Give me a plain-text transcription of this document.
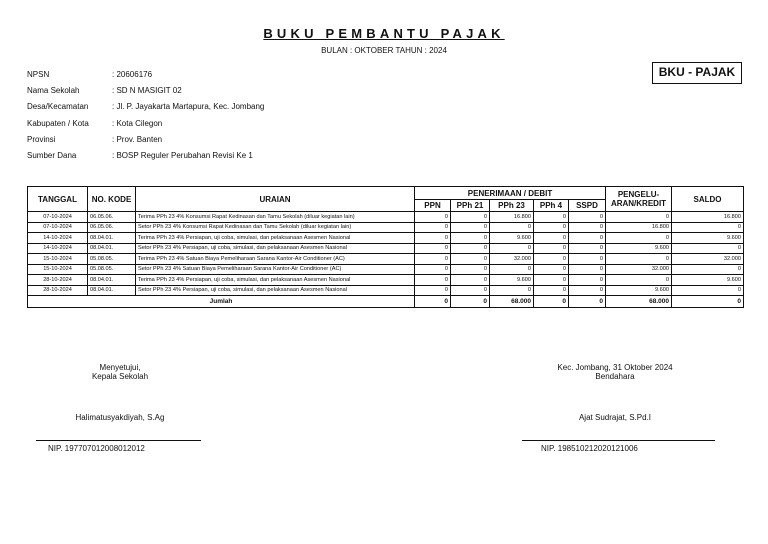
BUKU PEMBANTU PAJAK
BULAN : OKTOBER TAHUN : 2024
BKU - PAJAK
NPSN	: 20606176
Nama Sekolah	: SD N MASIGIT 02
Desa/Kecamatan	: Jl. P. Jayakarta Martapura, Kec. Jombang
Kabupaten / Kota	: Kota Cilegon
Provinsi	: Prov. Banten
Sumber Dana	: BOSP Reguler Perubahan Revisi Ke 1
TANGGAL	NO. KODE	URAIAN	PENERIMAAN / DEBIT					PENGELU-ARAN/KREDIT	SALDO
			PPN	PPh 21	PPh 23	PPh 4	SSPD		
07-10-2024	06.05.06.	Terima PPh 23 4% Konsumsi Rapat Kedinasan dan Tamu Sekolah (diluar kegiatan lain)	0	0	16.800	0	0	0	16.800
07-10-2024	06.05.06.	Setor PPh 23 4% Konsumsi Rapat Kedinasan dan Tamu Sekolah (diluar kegiatan lain)	0	0	0	0	0	16.800	0
14-10-2024	08.04.01.	Terima PPh 23 4% Persiapan, uji coba, simulasi, dan pelaksanaan Asesmen Nasional	0	0	9.600	0	0	0	9.600
14-10-2024	08.04.01.	Setor PPh 23 4% Persiapan, uji coba, simulasi, dan pelaksanaan Asesmen Nasional	0	0	0	0	0	9.600	0
15-10-2024	05.08.05.	Terima PPh 23 4% Satuan Biaya Pemeliharaan Sarana Kantor-Air Conditioner (AC)	0	0	32.000	0	0	0	32.000
15-10-2024	05.08.05.	Setor PPh 23 4% Satuan Biaya Pemeliharaan Sarana Kantor-Air Conditioner (AC)	0	0	0	0	0	32.000	0
28-10-2024	08.04.01.	Terima PPh 23 4% Persiapan, uji coba, simulasi, dan pelaksanaan Asesmen Nasional	0	0	9.600	0	0	0	9.600
28-10-2024	08.04.01.	Setor PPh 23 4% Persiapan, uji coba, simulasi, dan pelaksanaan Asesmen Nasional	0	0	0	0	0	9.600	0
Jumlah			0	0	68.000	0	0	68.000	0
Menyetujui,
Kepala Sekolah
Halimatusyakdiyah, S.Ag
NIP. 197707012008012012
Kec. Jombang, 31 Oktober 2024
Bendahara
Ajat Sudrajat, S.Pd.I
NIP. 198510212020121006
